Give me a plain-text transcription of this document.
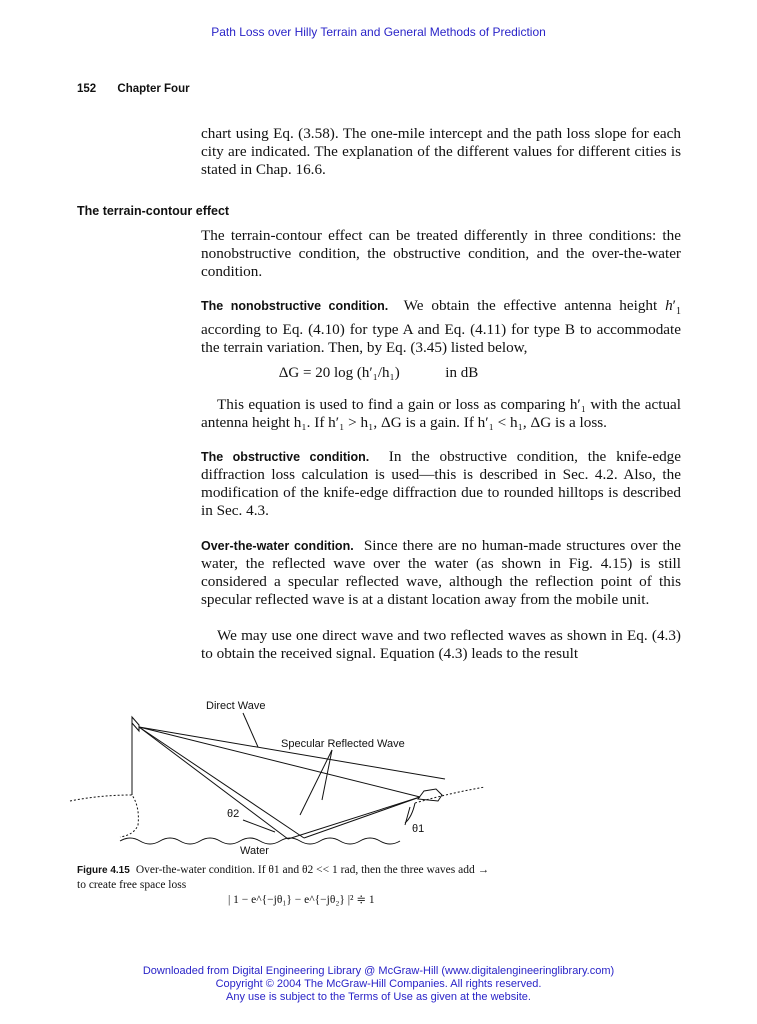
Path Loss over Hilly Terrain and General Methods of Prediction
152 Chapter Four
chart using Eq. (3.58). The one-mile intercept and the path loss slope for each city are indicated. The explanation of the different values for different cities is stated in Chap. 16.6.
The terrain-contour effect
The terrain-contour effect can be treated differently in three conditions: the nonobstructive condition, the obstructive condition, and the over-the-water condition.
The nonobstructive condition. We obtain the effective antenna height $h'_1$ according to Eq. (4.10) for type A and Eq. (4.11) for type B to accommodate the terrain variation. Then, by Eq. (3.45) listed below,
ΔG = 20 log (h′₁/h₁)	in dB
This equation is used to find a gain or loss as comparing h′₁ with the actual antenna height h₁. If h′₁ > h₁, ΔG is a gain. If h′₁ < h₁, ΔG is a loss.
The obstructive condition. In the obstructive condition, the knife-edge diffraction loss calculation is used—this is described in Sec. 4.2. Also, the modification of the knife-edge diffraction due to rounded hilltops is described in Sec. 4.3.
Over-the-water condition. Since there are no human-made structures over the water, the reflected wave over the water (as shown in Fig. 4.15) is still considered a specular reflected wave, although the reflection point of this specular reflected wave is at a distant location away from the mobile unit.
We may use one direct wave and two reflected waves as shown in Eq. (4.3) to obtain the received signal. Equation (4.3) leads to the result
Direct Wave
Specular Reflected Wave
θ2
θ1
Water
Figure 4.15 Over-the-water condition. If θ1 and θ2 << 1 rad, then the three waves add → to create free space loss
| 1 − e^{−jθ₁} − e^{−jθ₂} |² ≑ 1
Downloaded from Digital Engineering Library @ McGraw-Hill (www.digitalengineeringlibrary.com)
Copyright © 2004 The McGraw-Hill Companies. All rights reserved.
Any use is subject to the Terms of Use as given at the website.
